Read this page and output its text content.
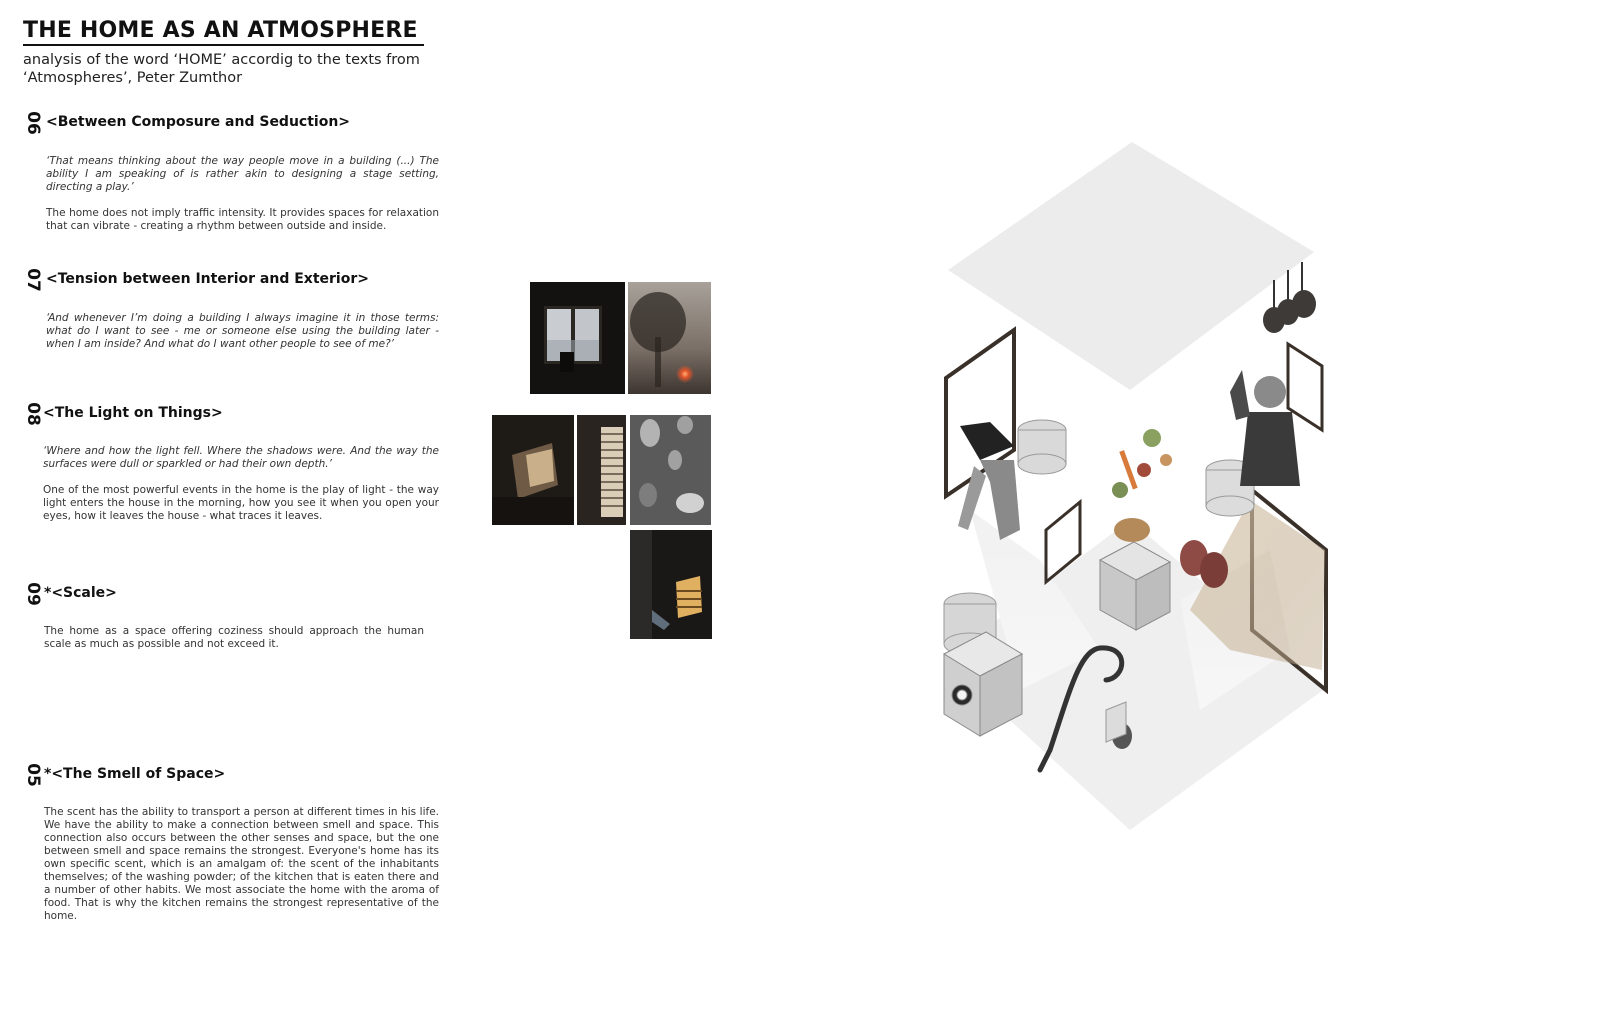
THE HOME AS AN ATMOSPHERE
analysis of the word ‘HOME’ accordig to the texts from ‘Atmospheres’, Peter Zumthor
06 <Between Composure and Seduction>
‘That means thinking about the way people move in a building (...) The ability I am speaking of is rather akin to designing a stage setting, directing a play.’
The home does not imply traffic intensity. It provides spaces for relaxation that can vibrate - creating a rhythm between outside and inside.
07 <Tension between Interior and Exterior>
‘And whenever I’m doing a building I always imagine it in those terms: what do I want to see - me or someone else using the building later - when I am inside? And what do I want other people to see of me?’
08 <The Light on Things>
‘Where and how the light fell. Where the shadows were. And the way the surfaces were dull or sparkled or had their own depth.’
One of the most powerful events in the home is the play of light - the way light enters the house in the morning, how you see it when you open your eyes, how it leaves the house - what traces it leaves.
09 *<Scale>
The home as a space offering coziness should approach the human scale as much as possible and not exceed it.
05 *<The Smell of Space>
The scent has the ability to transport a person at different times in his life. We have the ability to make a connection between smell and space. This connection also occurs between the other senses and space, but the one between smell and space remains the strongest. Everyone's home has its own specific scent, which is an amalgam of: the scent of the inhabitants themselves; of the washing powder; of the kitchen that is eaten there and a number of other habits. We most associate the home with the aroma of food. That is why the kitchen remains the strongest representative of the home.
